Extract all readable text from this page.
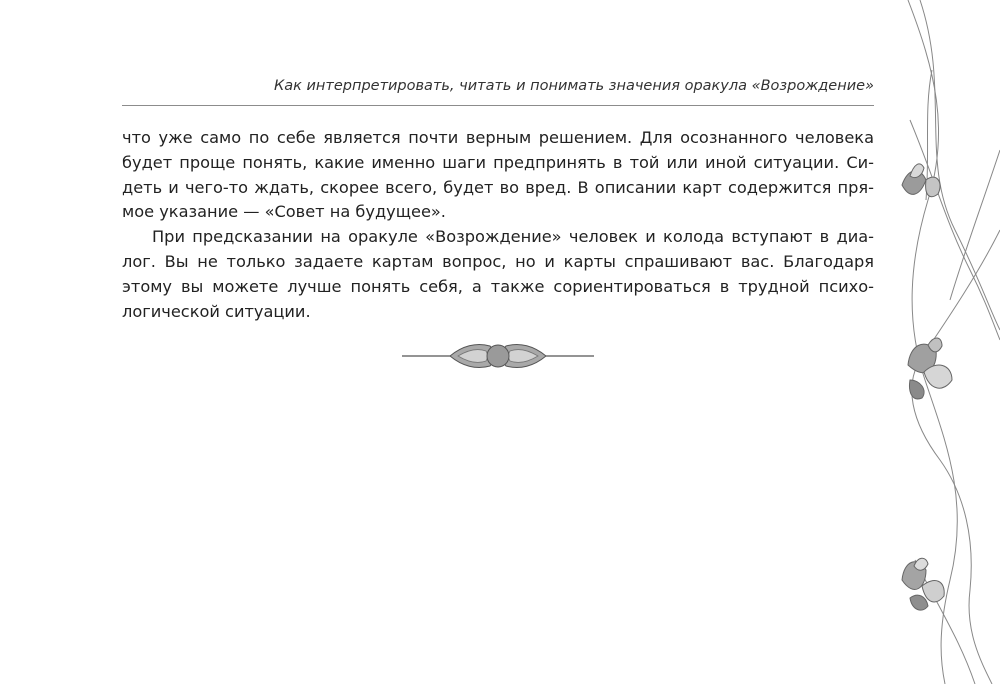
Как интерпретировать, читать и понимать значения оракула «Возрождение»
что уже само по себе является почти верным решением. Для осознанного человека
будет проще понять, какие именно шаги предпринять в той или иной ситуации. Си-
деть и чего-то ждать, скорее всего, будет во вред. В описании карт содержится пря-
мое указание — «Совет на будущее».
При предсказании на оракуле «Возрождение» человек и колода вступают в диа-
лог. Вы не только задаете картам вопрос, но и карты спрашивают вас. Благодаря
этому вы можете лучше понять себя, а также сориентироваться в трудной психо-
логической ситуации.
